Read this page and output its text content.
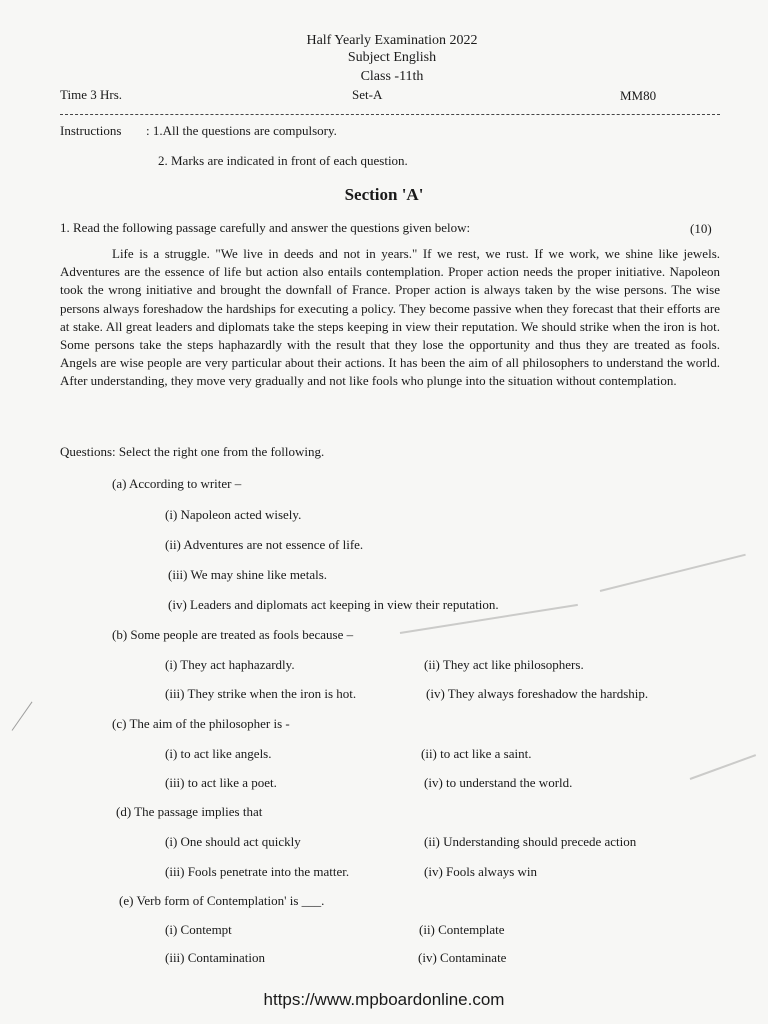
Half Yearly Examination 2022
Subject English
Class -11th
Time 3 Hrs.	Set-A	MM80
Instructions : 1.All the questions are compulsory.
2. Marks are indicated in front of each question.
Section 'A'
1. Read the following passage carefully and answer the questions given below:	(10)

Life is a struggle. "We live in deeds and not in years." If we rest, we rust. If we work, we shine like jewels. Adventures are the essence of life but action also entails contemplation. Proper action needs the proper initiative. Napoleon took the wrong initiative and brought the downfall of France. Proper action is always taken by the wise persons. The wise persons always foreshadow the hardships for executing a policy. They become passive when they forecast that their efforts are at stake. All great leaders and diplomats take the steps keeping in view their reputation. We should strike when the iron is hot. Some persons take the steps haphazardly with the result that they lose the opportunity and thus they are treated as fools. Angels are wise people are very particular about their actions. It has been the aim of all philosophers to understand the world. After understanding, they move very gradually and not like fools who plunge into the situation without contemplation.

Questions: Select the right one from the following.
(a) According to writer –
(i) Napoleon acted wisely.
(ii) Adventures are not essence of life.
(iii) We may shine like metals.
(iv) Leaders and diplomats act keeping in view their reputation.
(b) Some people are treated as fools because –
(i) They act haphazardly.	(ii) They act like philosophers.
(iii) They strike when the iron is hot.	(iv) They always foreshadow the hardship.
(c) The aim of the philosopher is -
(i) to act like angels.	(ii) to act like a saint.
(iii) to act like a poet.	(iv) to understand the world.
(d) The passage implies that
(i) One should act quickly	(ii) Understanding should precede action
(iii) Fools penetrate into the matter.	(iv) Fools always win
(e) Verb form of Contemplation' is ___.
(i) Contempt	(ii) Contemplate
(iii) Contamination	(iv) Contaminate
https://www.mpboardonline.com
